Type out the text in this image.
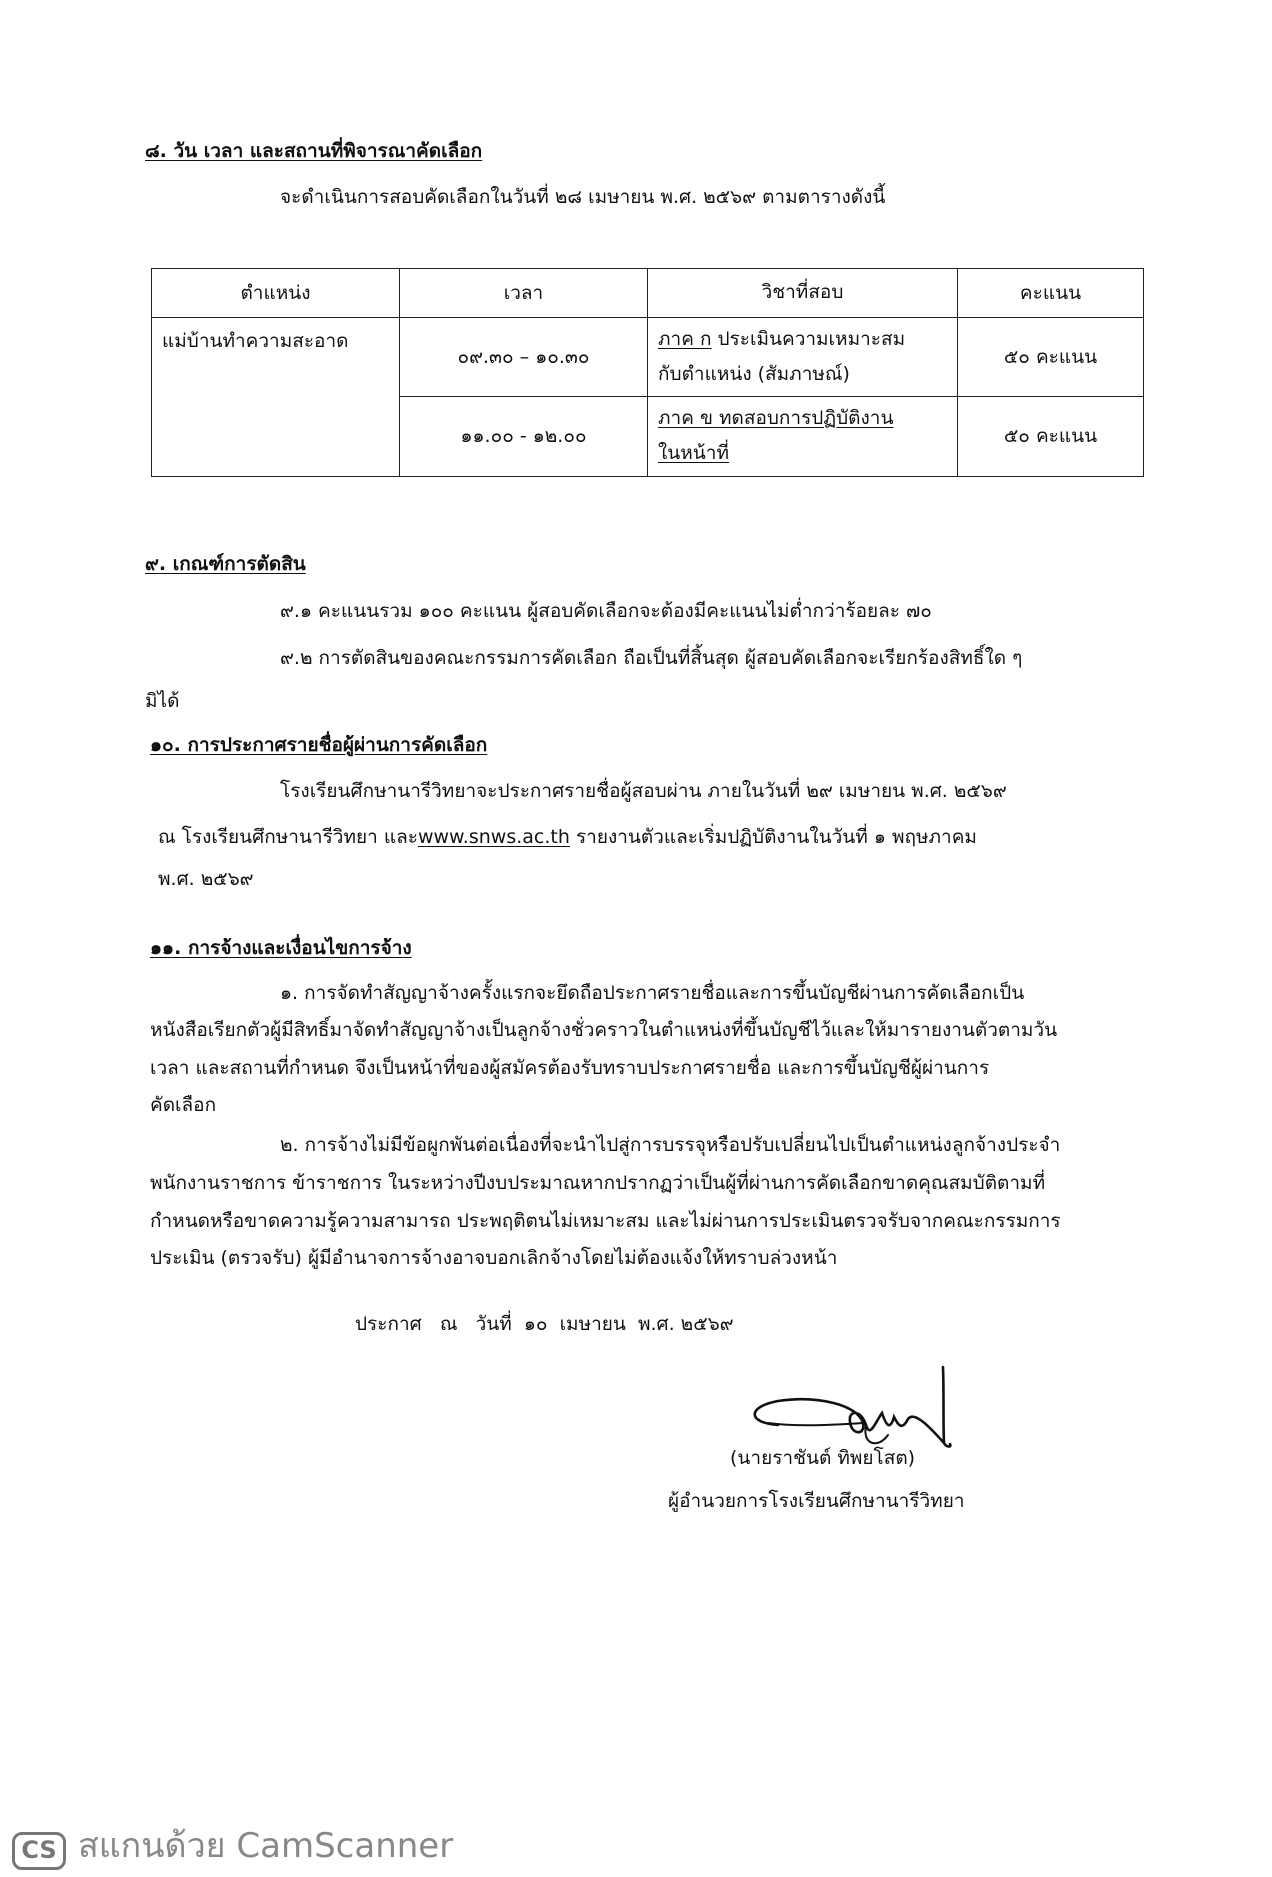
๘. วัน เวลา และสถานที่พิจารณาคัดเลือก
จะดำเนินการสอบคัดเลือกในวันที่ ๒๘ เมษายน พ.ศ. ๒๕๖๙ ตามตารางดังนี้
ตำแหน่ง	เวลา	วิชาที่สอบ	คะแนน
แม่บ้านทำความสะอาด	๐๙.๓๐ – ๑๐.๓๐	ภาค ก ประเมินความเหมาะสม
กับตำแหน่ง (สัมภาษณ์)	๕๐ คะแนน
	๑๑.๐๐ - ๑๒.๐๐	ภาค ข ทดสอบการปฏิบัติงาน
ในหน้าที่	๕๐ คะแนน
๙. เกณฑ์การตัดสิน
๙.๑ คะแนนรวม ๑๐๐ คะแนน ผู้สอบคัดเลือกจะต้องมีคะแนนไม่ต่ำกว่าร้อยละ ๗๐
๙.๒ การตัดสินของคณะกรรมการคัดเลือก ถือเป็นที่สิ้นสุด ผู้สอบคัดเลือกจะเรียกร้องสิทธิ์ใด ๆ
มิได้
๑๐. การประกาศรายชื่อผู้ผ่านการคัดเลือก
โรงเรียนศึกษานารีวิทยาจะประกาศรายชื่อผู้สอบผ่าน ภายในวันที่ ๒๙ เมษายน พ.ศ. ๒๕๖๙
ณ โรงเรียนศึกษานารีวิทยา และwww.snws.ac.th รายงานตัวและเริ่มปฏิบัติงานในวันที่ ๑ พฤษภาคม
พ.ศ. ๒๕๖๙
๑๑. การจ้างและเงื่อนไขการจ้าง
๑. การจัดทำสัญญาจ้างครั้งแรกจะยึดถือประกาศรายชื่อและการขึ้นบัญชีผ่านการคัดเลือกเป็น
หนังสือเรียกตัวผู้มีสิทธิ์มาจัดทำสัญญาจ้างเป็นลูกจ้างชั่วคราวในตำแหน่งที่ขึ้นบัญชีไว้และให้มารายงานตัวตามวัน
เวลา และสถานที่กำหนด จึงเป็นหน้าที่ของผู้สมัครต้องรับทราบประกาศรายชื่อ และการขึ้นบัญชีผู้ผ่านการ
คัดเลือก
๒. การจ้างไม่มีข้อผูกพันต่อเนื่องที่จะนำไปสู่การบรรจุหรือปรับเปลี่ยนไปเป็นตำแหน่งลูกจ้างประจำ
พนักงานราชการ ข้าราชการ ในระหว่างปีงบประมาณหากปรากฏว่าเป็นผู้ที่ผ่านการคัดเลือกขาดคุณสมบัติตามที่
กำหนดหรือขาดความรู้ความสามารถ ประพฤติตนไม่เหมาะสม และไม่ผ่านการประเมินตรวจรับจากคณะกรรมการ
ประเมิน (ตรวจรับ) ผู้มีอำนาจการจ้างอาจบอกเลิกจ้างโดยไม่ต้องแจ้งให้ทราบล่วงหน้า
ประกาศ   ณ   วันที่  ๑๐  เมษายน  พ.ศ. ๒๕๖๙
(นายราชันต์ ทิพยโสต)
ผู้อำนวยการโรงเรียนศึกษานารีวิทยา
CS สแกนด้วย CamScanner
